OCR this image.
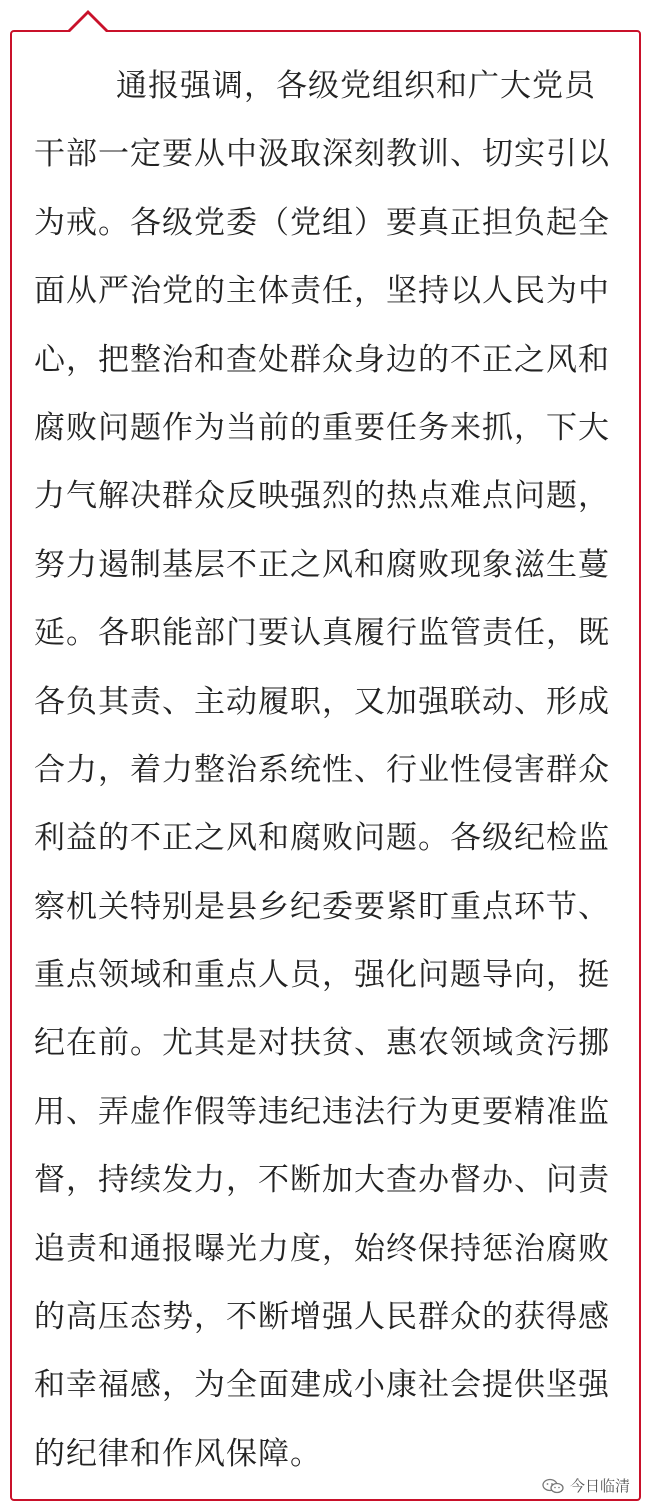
通报强调，各级党组织和广大党员
干部一定要从中汲取深刻教训、切实引以
为戒。各级党委（党组）要真正担负起全
面从严治党的主体责任，坚持以人民为中
心，把整治和查处群众身边的不正之风和
腐败问题作为当前的重要任务来抓，下大
力气解决群众反映强烈的热点难点问题，
努力遏制基层不正之风和腐败现象滋生蔓
延。各职能部门要认真履行监管责任，既
各负其责、主动履职，又加强联动、形成
合力，着力整治系统性、行业性侵害群众
利益的不正之风和腐败问题。各级纪检监
察机关特别是县乡纪委要紧盯重点环节、
重点领域和重点人员，强化问题导向，挺
纪在前。尤其是对扶贫、惠农领域贪污挪
用、弄虚作假等违纪违法行为更要精准监
督，持续发力，不断加大查办督办、问责
追责和通报曝光力度，始终保持惩治腐败
的高压态势，不断增强人民群众的获得感
和幸福感，为全面建成小康社会提供坚强
的纪律和作风保障。
今日临清
